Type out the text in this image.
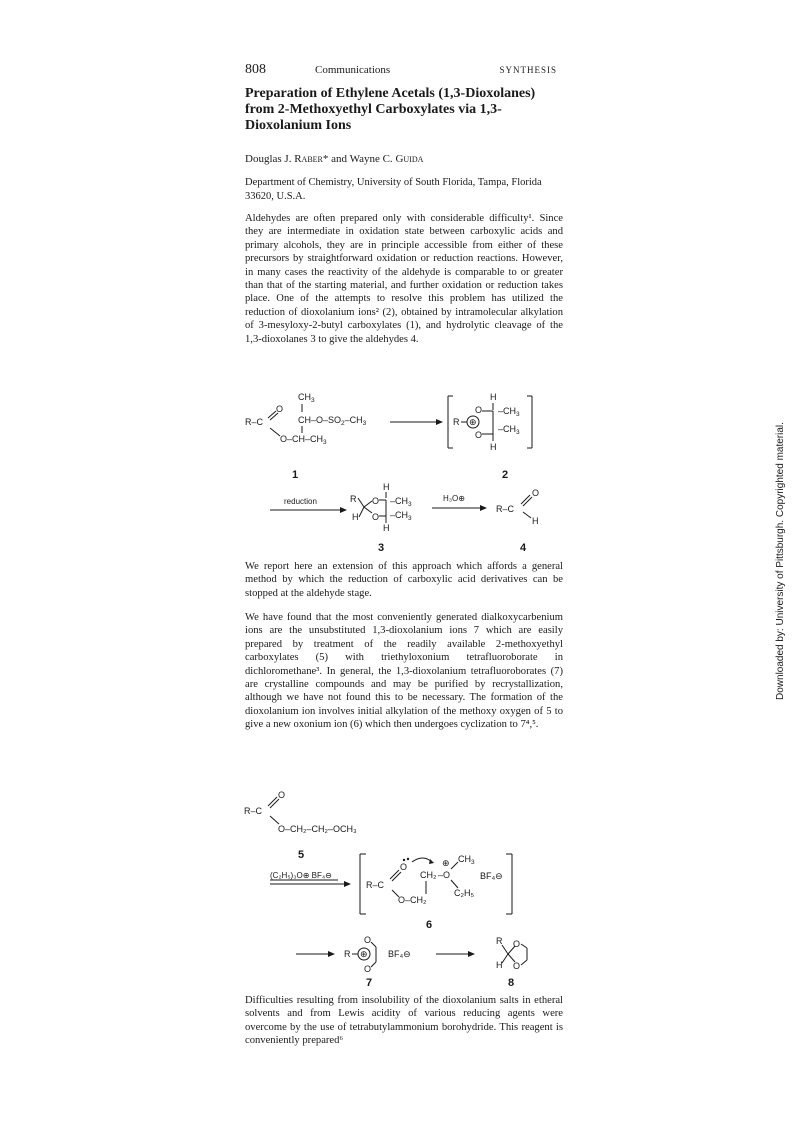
808	Communications	SYNTHESIS
Preparation of Ethylene Acetals (1,3-Dioxolanes) from 2-Methoxyethyl Carboxylates via 1,3-Dioxolanium Ions
Douglas J. Raber* and Wayne C. Guida
Department of Chemistry, University of South Florida, Tampa, Florida 33620, U.S.A.

Aldehydes are often prepared only with considerable difficulty¹. Since they are intermediate in oxidation state between carboxylic acids and primary alcohols, they are in principle accessible from either of these precursors by straightforward oxidation or reduction reactions. However, in many cases the reactivity of the aldehyde is comparable to or greater than that of the starting material, and further oxidation or reduction takes place. One of the attempts to resolve this problem has utilized the reduction of dioxolanium ions² (2), obtained by intramolecular alkylation of 3-mesyloxy-2-butyl carboxylates (1), and hydrolytic cleavage of the 1,3-dioxolanes 3 to give the aldehydes 4.

$CH_3$
R–C
O
$CH-O-SO_2-CH_3$
$O-CH-CH_3$
1
H
R ⊕
O
O
$-CH_3$
$-CH_3$
H
2
reduction
H
R
H
O
O
$-CH_3$
$-CH_3$
H
3
H₃O⊕
R–C
O
H
4

We report here an extension of this approach which affords a general method by which the reduction of carboxylic acid derivatives can be stopped at the aldehyde stage.

We have found that the most conveniently generated dialkoxycarbenium ions are the unsubstituted 1,3-dioxolanium ions 7 which are easily prepared by treatment of the readily available 2-methoxyethyl carboxylates (5) with triethyloxonium tetrafluoroborate in dichloromethane³. In general, the 1,3-dioxolanium tetrafluoroborates (7) are crystalline compounds and may be purified by recrystallization, although we have not found this to be necessary. The formation of the dioxolanium ion involves initial alkylation of the methoxy oxygen of 5 to give a new oxonium ion (6) which then undergoes cyclization to 7⁴,⁵.

R–C
O
O–CH₂–CH₂–OCH₃
5
(C₂H₅)₃O⊕ BF₄⊖
R–C
O
CH₂ –O
⊕ $CH_3$
C₂H₅
O–CH₂
BF₄⊖
6
R ⊕
O
O
BF₄⊖
7
R
H
O
O
8

Difficulties resulting from insolubility of the dioxolanium salts in etheral solvents and from Lewis acidity of various reducing agents were overcome by the use of tetrabutylammonium borohydride. This reagent is conveniently prepared⁶

Downloaded by: University of Pittsburgh. Copyrighted material.
